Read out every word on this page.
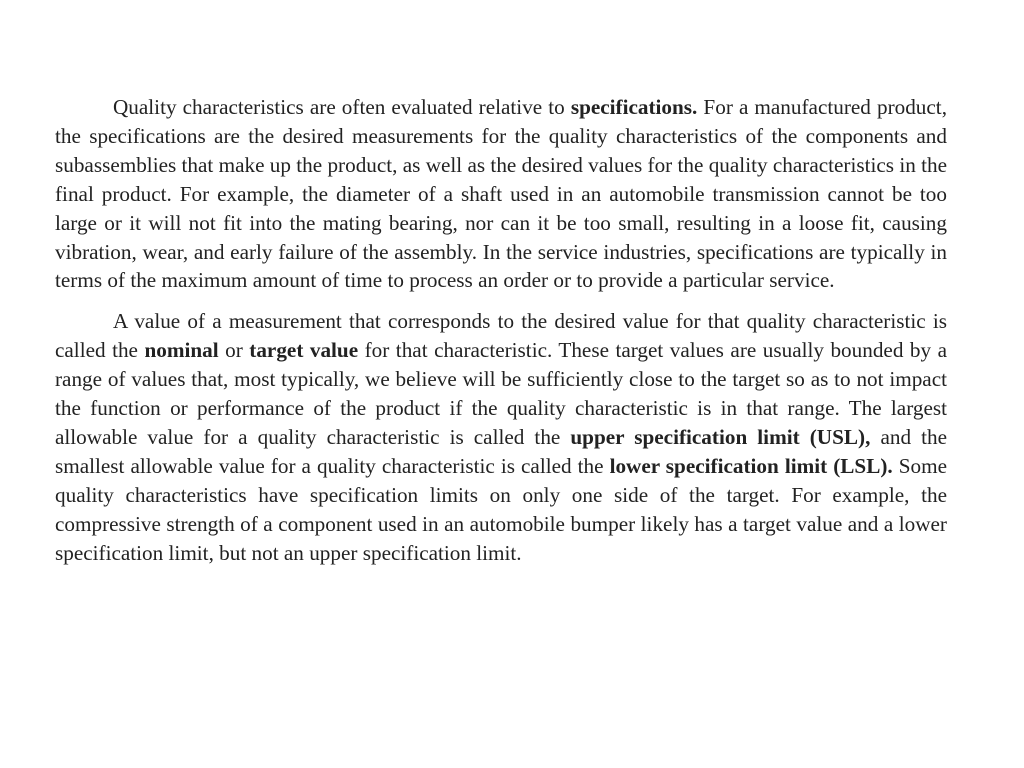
Quality characteristics are often evaluated relative to specifications. For a manufactured product, the specifications are the desired measurements for the quality characteristics of the components and subassemblies that make up the product, as well as the desired values for the quality characteristics in the final product. For example, the diameter of a shaft used in an automobile transmission cannot be too large or it will not fit into the mating bearing, nor can it be too small, resulting in a loose fit, causing vibration, wear, and early failure of the assembly. In the service industries, specifications are typically in terms of the maximum amount of time to process an order or to provide a particular service.

A value of a measurement that corresponds to the desired value for that quality characteristic is called the nominal or target value for that characteristic. These target values are usually bounded by a range of values that, most typically, we believe will be sufficiently close to the target so as to not impact the function or performance of the product if the quality characteristic is in that range. The largest allowable value for a quality characteristic is called the upper specification limit (USL), and the smallest allowable value for a quality characteristic is called the lower specification limit (LSL). Some quality characteristics have specification limits on only one side of the target. For example, the compressive strength of a component used in an automobile bumper likely has a target value and a lower specification limit, but not an upper specification limit.
